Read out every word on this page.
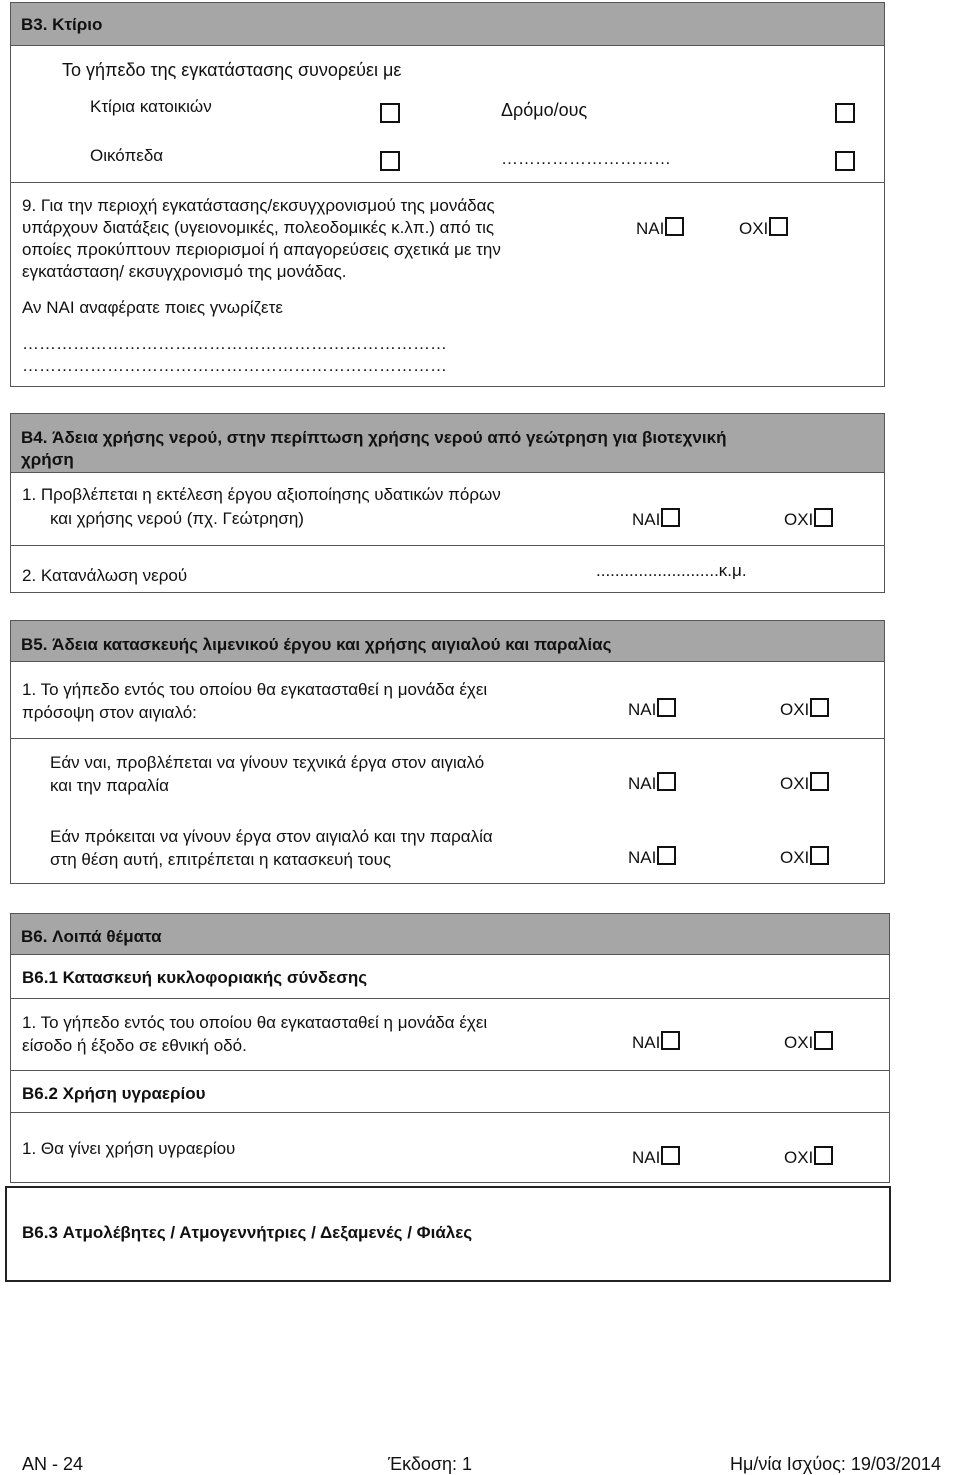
B3. Κτίριο
Το γήπεδο της εγκατάστασης συνορεύει με
Κτίρια κατοικιών	Δρόμο/ους
Οικόπεδα	…………………………
9. Για την περιοχή εγκατάστασης/εκσυγχρονισμού της μονάδας
υπάρχουν διατάξεις (υγειονομικές, πολεοδομικές κ.λπ.) από τις
οποίες προκύπτουν περιορισμοί ή απαγορεύσεις σχετικά με την
εγκατάσταση/ εκσυγχρονισμό της μονάδας.
ΝΑΙ	ΟΧΙ
Αν ΝΑΙ αναφέρατε ποιες γνωρίζετε
…………………………………………………………………
…………………………………………………………………
B4. Άδεια χρήσης νερού, στην περίπτωση χρήσης νερού από γεώτρηση για βιοτεχνική
χρήση
1. Προβλέπεται η εκτέλεση έργου αξιοποίησης υδατικών πόρων
και χρήσης νερού (πχ. Γεώτρηση)	ΝΑΙ	ΟΧΙ
2. Κατανάλωση νερού	..........................κ.μ.
B5. Άδεια κατασκευής λιμενικού έργου και χρήσης αιγιαλού και παραλίας
1. Το γήπεδο εντός του οποίου θα εγκατασταθεί η μονάδα έχει
πρόσοψη στον αιγιαλό:	ΝΑΙ	ΟΧΙ
Εάν ναι, προβλέπεται να γίνουν τεχνικά έργα στον αιγιαλό
και την παραλία	ΝΑΙ	ΟΧΙ
Εάν πρόκειται να γίνουν έργα στον αιγιαλό και την παραλία
στη θέση αυτή, επιτρέπεται η κατασκευή τους	ΝΑΙ	ΟΧΙ
B6. Λοιπά θέματα
B6.1 Κατασκευή κυκλοφοριακής σύνδεσης
1. Το γήπεδο εντός του οποίου θα εγκατασταθεί η μονάδα έχει
είσοδο ή έξοδο σε εθνική οδό.	ΝΑΙ	ΟΧΙ
B6.2 Χρήση υγραερίου
1. Θα γίνει χρήση υγραερίου	ΝΑΙ	ΟΧΙ
B6.3 Ατμολέβητες / Ατμογεννήτριες / Δεξαμενές / Φιάλες
ΑΝ - 24	Έκδοση: 1	Ημ/νία Ισχύος: 19/03/2014
